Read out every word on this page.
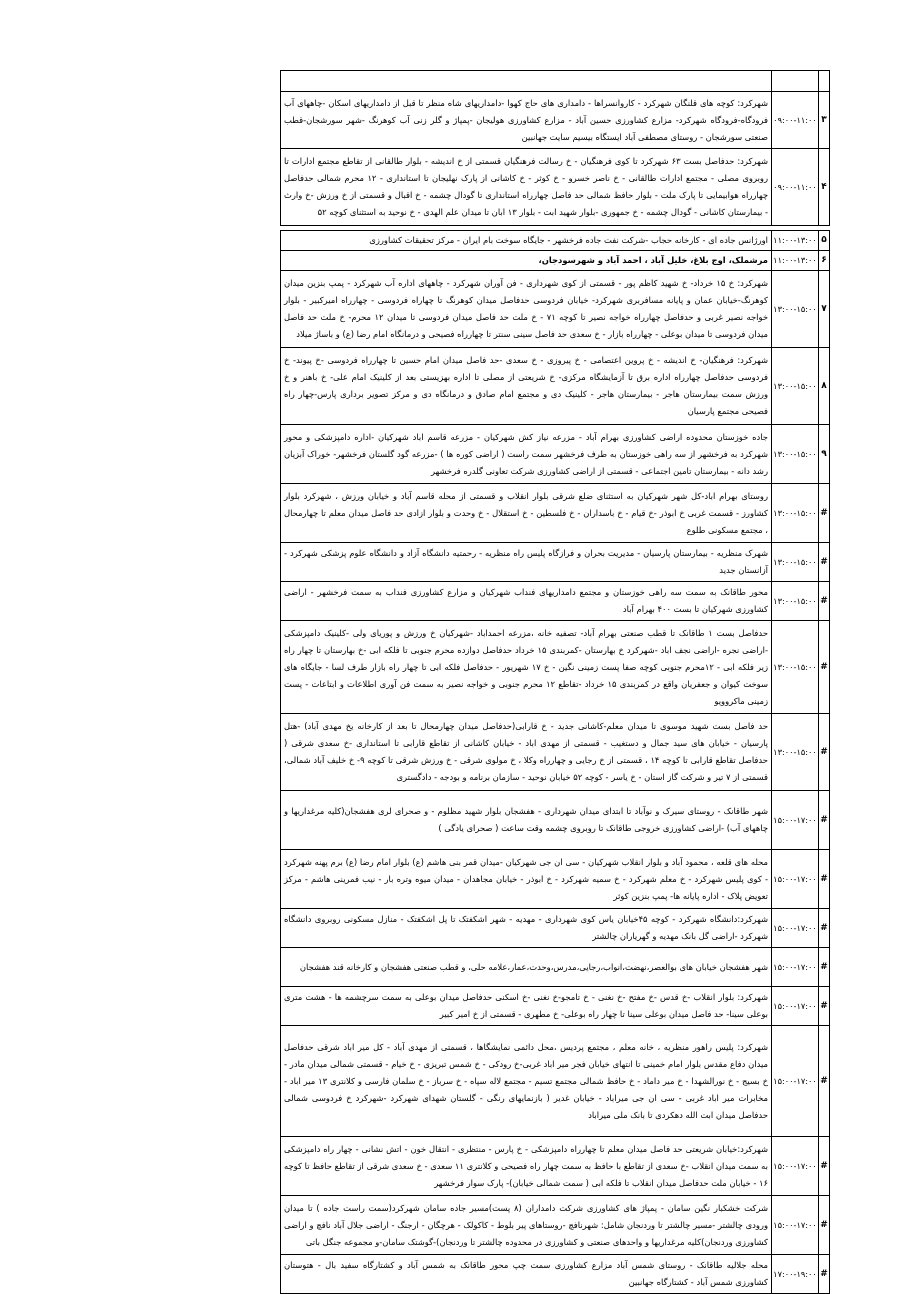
۳	۰۹:۰۰-۱۱:۰۰	شهرکرد: کوچه های قلنگان شهرکرد - کاروانسراها - دامداری های حاج کهوا -دامداریهای شاه منظر تا قبل از دامداریهای اسکان -چاههای آب فرودگاه-فرودگاه شهرکرد- مزارع کشاورزی حسین آباد - مزارع کشاورزی هولیجان -پمپاژ و گلر زنی آب کوهرنگ -شهر سورشجان-قطب صنعتی سورشجان - روستای مصطفی آباد ایستگاه بیسیم سایت جهانبین
۴	۰۹:۰۰-۱۱:۰۰	شهرکرد: حدفاصل بست ۶۳ شهرکرد تا کوی فرهنگیان - خ رسالت فرهنگیان قسمتی از خ اندیشه - بلوار طالقانی از تقاطع مجتمع ادارات تا روبروی مصلی - مجتمع ادارات طالقانی - خ ناصر خسرو - خ کوثر - خ کاشانی از پارک نهلیجان تا استانداری - ۱۲ محرم شمالی حدفاصل چهارراه هوابیمایی تا پارک ملت - بلوار حافظ شمالی حد فاصل چهارراه استانداری تا گودال چشمه - خ اقبال و قسمتی از خ ورزش -خ وارث - بیمارستان کاشانی - گودال چشمه - خ جمهوری -بلوار شهید ابت - بلوار ۱۳ ابان تا میدان علم الهدی - خ نوحید به استثنای کوچه ۵۲

۵	۱۱:۰۰-۱۳:۰۰	اورژانس جاده ای - کارخانه حجاب -شرکت نفت جاده فرخشهر - جایگاه سوخت بام ایران - مرکز تحقیقات کشاورزی
۶	۱۱:۰۰-۱۳:۰۰	مرشملک، اوج بلاغ، خلیل آباد ، احمد آباد و شهرسودجان،
۷	۱۳:۰۰-۱۵:۰۰	شهرکرد: خ ۱۵ خرداد- خ شهید کاظم پور - قسمتی از کوی شهرداری - فن آوران شهرکرد - چاههای اداره آب شهرکرد - پمپ بنزین میدان کوهرنگ-خیابان عمان و پایانه مسافربری شهرکرد- خیابان فردوسی حدفاصل میدان کوهرنگ تا چهاراه فردوسی - چهارراه امیرکبیر - بلوار خواجه نصیر غربی و حدفاصل چهارراه خواجه نصیر تا کوچه ۷۱ - خ ملت حد فاصل میدان فردوسی تا میدان ۱۲ محرم- خ ملت حد فاصل میدان فردوسی تا میدان بوعلی - چهارراه بازار - خ سعدی حد فاصل سینی سنتر تا چهارراه فصیحی و درمانگاه امام رضا (ع) و باساژ میلاد
۸	۱۳:۰۰-۱۵:۰۰	شهرکرد: فرهنگیان- خ اندیشه - خ پروین اعتصامی - خ پیروزی - خ سعدی -حد فاصل میدان امام حسین تا چهارراه فردوسی -خ پیوند- خ فردوسی حدفاصل چهارراه اداره برق تا آزمایشگاه مرکزی- خ شریعتی از مصلی تا اداره بهزیستی بعد از کلینیک امام علی- خ باهنر و خ ورزش سمت بیمارستان هاجر - بیمارستان هاجر - کلینیک دی و مجتمع امام صادق و درمانگاه دی و مرکز تصویر برداری پارس-چهار راه فصیحی مجتمع پارسیان
۹	۱۳:۰۰-۱۵:۰۰	جاده خوزستان محدوده اراضی کشاورزی بهرام آباد - مزرعه نیاز کش شهرکیان - مزرعه قاسم اباد شهرکیان -اداره دامپزشکی و محور شهرکرد به فرخشهر از سه راهی خوزستان به طرف فرخشهر سمت راست ( اراضی کوره ها ) -مزرعه گود گلستان فرخشهر- خوراک آبزیان رشد دانه - بیمارستان تامین اجتماعی - قسمتی از اراضی کشاورزی شرکت تعاونی گلدره فرخشهر
#	۱۳:۰۰-۱۵:۰۰	روستای بهرام اباد-کل شهر شهرکیان به استثنای ضلع شرقی بلوار انقلاب و قسمتی از محله قاسم آباد و خیابان ورزش ، شهرکرد بلوار کشاورز - قسمت غربی خ ابوذر -خ قیام - خ باسداران - خ فلسطین - خ استقلال - خ وحدت و بلوار ازادی حد فاصل میدان معلم تا چهارمحال ، مجتمع مسکونی طلوع
#	۱۳:۰۰-۱۵:۰۰	شهرک منظریه - بیمارستان پارسیان - مدیریت بحران و فرازگاه پلیس راه منظریه - رحمتیه دانشگاه آزاد و دانشگاه علوم پزشکی شهرکرد - آزانستان جدید
#	۱۳:۰۰-۱۵:۰۰	محور طاقانک به سمت سه راهی خوزستان و مجتمع دامداریهای فنداب شهرکیان و مزارع کشاورزی فنداب به سمت فرخشهر - اراضی کشاورزی شهرکیان تا بست ۴۰۰ بهرام آباد
#	۱۳:۰۰-۱۵:۰۰	حدفاصل بست ۱ طاقانک تا قطب صنعتی بهرام آباد- تصفیه خانه ،مزرعه احمداباد -شهرکیان خ ورزش و پوریای ولی -کلینیک دامپزشکی -اراضی نجره -اراضی نجف اباد -شهرکرد خ بهارستان -کمربندی ۱۵ خرداد حدفاصل دوازده محرم جنوبی تا فلکه ابی -خ بهارستان تا چهار راه زیر فلکه ابی - ۱۲محرم جنوبی کوچه صفا پست زمینی نگین - خ ۱۷ شهریور - حدفاصل فلکه ابی تا چهار راه بازار طرف لسا - جایگاه های سوخت کیوان و جعفریان واقع در کمربندی ۱۵ خرداد -تقاطع ۱۲ محرم جنوبی و خواجه نصیر به سمت فن آوری اطلاعات و ابتاعات - پست زمینی ماکروویو
#	۱۳:۰۰-۱۵:۰۰	حد فاصل بست شهید موسوی تا میدان معلم-کاشانی جدید - خ قارابی(حدفاصل میدان چهارمحال تا بعد از کارخانه یخ مهدی آباد) -هتل پارسیان - خیابان های سید جمال و دستغیب - قسمتی از مهدی اباد - خیابان کاشانی از تقاطع قارابی تا استانداری -خ سعدی شرقی ( حدفاصل تقاطع قارابی تا کوچه ۱۴ ، قسمتی از خ رجایی و چهارراه وکلا ، خ مولوی شرقی - خ ورزش شرقی تا کوچه ۹- خ خلیف آباد شمالی، قسمتی از ۷ تیر و شرکت گاز استان - خ یاسر - کوچه ۵۲ خیابان نوحید - سازمان برنامه و بودجه - دادگستری
#	۱۵:۰۰-۱۷:۰۰	شهر طاقانک - روستای سیرک و نوآباد تا ابتدای میدان شهرداری - هفشجان بلوار شهید مظلوم - و صحرای لری هفشجان(کلیه مرغداریها و چاههای آب) -اراضی کشاورزی خروجی طاقانک تا روبروی چشمه وقت ساعت ( صحرای یادگی )
#	۱۵:۰۰-۱۷:۰۰	محله های قلعه ، محمود آباد و بلوار انقلاب شهرکیان - سی ان جی شهرکیان -میدان قمر بنی هاشم (ع) بلوار امام رضا (ع) برم پهنه شهرکرد - کوی پلیس شهرکرد - خ معلم شهرکرد - خ سمیه شهرکرد - خ ابوذر - خیابان مجاهدان - میدان میوه وتره بار - نیب فمرینی هاشم - مرکز تعویض پلاک - اداره پایانه ها- پمپ بنزین کوثر
#	۱۵:۰۰-۱۷:۰۰	شهرکرد:دانشگاه شهرکرد - کوچه ۴۵خیابان یاس کوی شهرداری - مهدیه - شهر اشکفتک تا پل اشکفتک - منازل مسکونی روبروی دانشگاه شهرکرد -اراضی گل بانک مهدیه و گهریاران چالشتر
#	۱۵:۰۰-۱۷:۰۰	شهر هفشجان خیابان های بوالعصر،نهضت،انواب،رجایی،مدرس،وحدت،عمار،علامه حلی، و قطب صنعتی هفشجان و کارخانه قند هفشجان
#	۱۵:۰۰-۱۷:۰۰	شهرکرد: بلوار انقلاب -خ قدس -خ مفتح -خ نغنی - خ تامجو-خ نغنی -خ اسکنی حدفاصل میدان بوعلی به سمت سرچشمه ها - هشت متری بوعلی سینا- حد فاصل میدان بوعلی سینا تا چهار راه بوعلی- خ مطهری - قسمتی از خ امیر کبیر
#	۱۵:۰۰-۱۷:۰۰	شهرکرد: پلیس راهور منظریه ، خانه معلم ، مجتمع پردیس ،محل دائمی نمایشگاها ، قسمتی از مهدی آباد - کل میر اباد شرقی حدفاصل میدان دفاع مقدس بلوار امام خمینی تا انتهای خیابان فجر میر اباد غربی-خ رودکی - خ شمس تبریزی - خ خیام - قسمتی شمالی میدان مادر - خ بسیج - خ نورالشهدا - خ میر داماد - خ حافظ شمالی مجتمع تسیم - مجتمع لاله سپاه - خ سرباز - خ سلمان فارسی و کلانتری ۱۳ میر اباد - مخابرات میر اباد غربی - سی ان جی میراباد - خیابان غدیر ( بازنمایهای رنگی - گلستان شهدای شهرکرد -شهرکرد خ فردوسی شمالی حدفاصل میدان ابت الله دهکردی تا بانک ملی میراباد
#	۱۵:۰۰-۱۷:۰۰	شهرکرد:خیابان شریعتی حد فاصل میدان معلم تا چهارراه دامپزشکی - خ پارس - منتظری - انتقال خون - اتش نشانی - چهار راه دامپزشکی به سمت میدان انقلاب -خ سعدی از تقاطع با حافظ به سمت چهار راه فصیحی و کلانتری ۱۱ سعدی - خ سعدی شرقی از تقاطع حافظ تا کوچه ۱۶ - خیابان ملت حدفاصل میدان انقلاب تا فلکه ابی ( سمت شمالی خیابان)- پارک سوار فرخشهر
#	۱۵:۰۰-۱۷:۰۰	شرکت خشکبار نگین سامان - پمپاژ های کشاورزی شرکت دامداران (۸ پست)مسیر جاده سامان شهرکرد(سمت راست جاده ) تا میدان ورودی چالشتر -مسیر چالشتر تا وردنجان شامل: شهرنافچ -روستاهای پیر بلوط - کاکولک - هرچگان - ارجنگ - اراضی جلال آباد نافچ و اراضی کشاورزی وردنجان)کلیه مرغداریها و واحدهای صنعتی و کشاورزی در محدوده چالشتر تا وردنجان)-گوشتک سامان-و مجموعه جنگل باتی
#	۱۷:۰۰-۱۹:۰۰	محله جلالیه طاقانک - روستای شمس آباد مزارع کشاورزی سمت چپ محور طاقانک به شمس آباد و کشتارگاه سفید بال - هتوستان کشاورزی شمس آباد - کشتارگاه جهانبین
